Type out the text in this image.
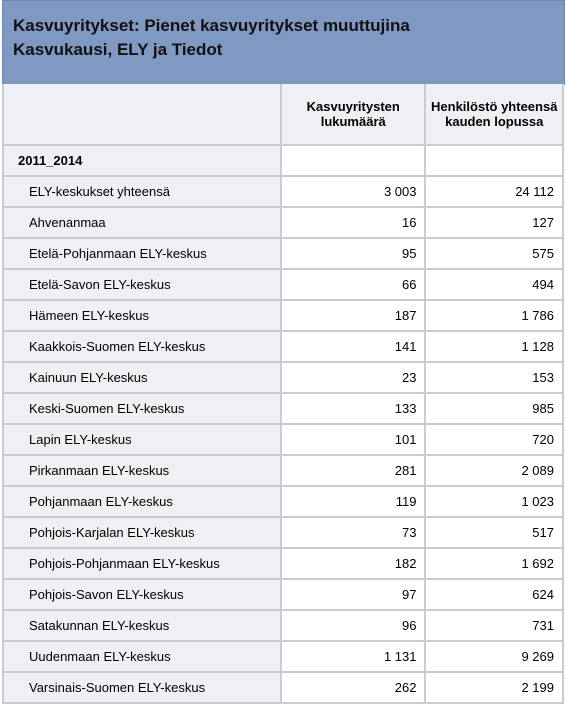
Kasvuyritykset: Pienet kasvuyritykset muuttujina
Kasvukausi, ELY ja Tiedot
	Kasvuyritysten lukumäärä	Henkilöstö yhteensä kauden lopussa
2011_2014		
ELY-keskukset yhteensä	3 003	24 112
Ahvenanmaa	16	127
Etelä-Pohjanmaan ELY-keskus	95	575
Etelä-Savon ELY-keskus	66	494
Hämeen ELY-keskus	187	1 786
Kaakkois-Suomen ELY-keskus	141	1 128
Kainuun ELY-keskus	23	153
Keski-Suomen ELY-keskus	133	985
Lapin ELY-keskus	101	720
Pirkanmaan ELY-keskus	281	2 089
Pohjanmaan ELY-keskus	119	1 023
Pohjois-Karjalan ELY-keskus	73	517
Pohjois-Pohjanmaan ELY-keskus	182	1 692
Pohjois-Savon ELY-keskus	97	624
Satakunnan ELY-keskus	96	731
Uudenmaan ELY-keskus	1 131	9 269
Varsinais-Suomen ELY-keskus	262	2 199
